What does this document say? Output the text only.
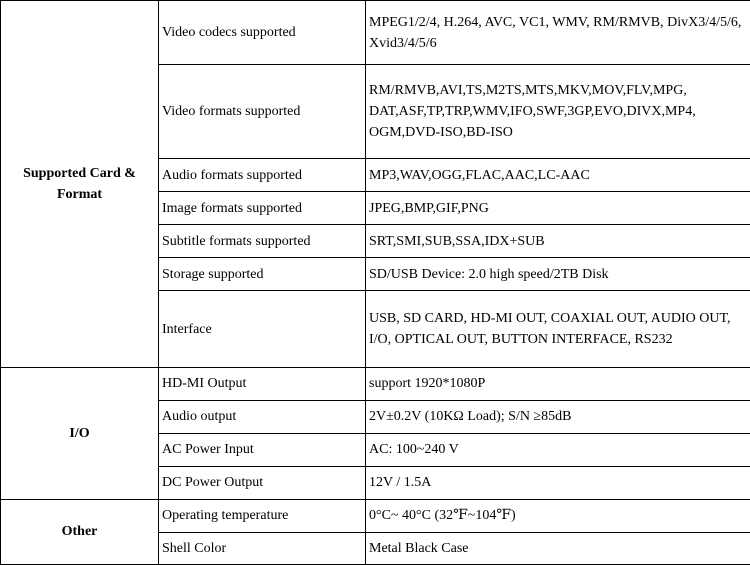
Supported Card & Format	Video codecs supported	MPEG1/2/4, H.264, AVC, VC1, WMV, RM/RMVB, DivX3/4/5/6, Xvid3/4/5/6
	Video formats supported	RM/RMVB,AVI,TS,M2TS,MTS,MKV,MOV,FLV,MPG, DAT,ASF,TP,TRP,WMV,IFO,SWF,3GP,EVO,DIVX,MP4, OGM,DVD-ISO,BD-ISO
	Audio formats supported	MP3,WAV,OGG,FLAC,AAC,LC-AAC
	Image formats supported	JPEG,BMP,GIF,PNG
	Subtitle formats supported	SRT,SMI,SUB,SSA,IDX+SUB
	Storage supported	SD/USB Device: 2.0 high speed/2TB Disk
	Interface	USB, SD CARD, HD-MI OUT, COAXIAL OUT, AUDIO OUT, I/O, OPTICAL OUT, BUTTON INTERFACE, RS232
I/O	HD-MI Output	support 1920*1080P
	Audio output	2V±0.2V (10KΩ Load); S/N ≥85dB
	AC Power Input	AC: 100~240 V
	DC Power Output	12V / 1.5A
Other	Operating temperature	0°C~ 40°C (32℉~104℉)
	Shell Color	Metal Black Case
